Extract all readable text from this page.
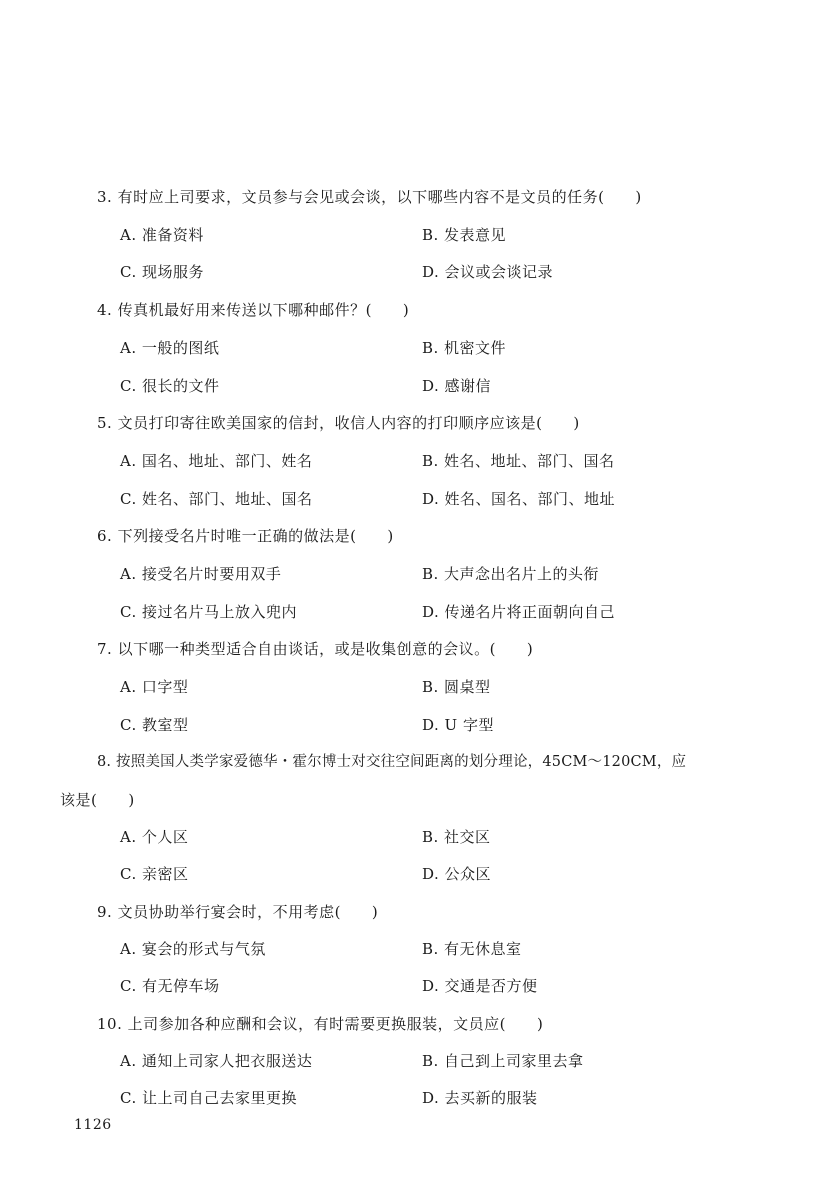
3. 有时应上司要求，文员参与会见或会谈，以下哪些内容不是文员的任务(　　)
A. 准备资料	B. 发表意见
C. 现场服务	D. 会议或会谈记录
4. 传真机最好用来传送以下哪种邮件？(　　)
A. 一般的图纸	B. 机密文件
C. 很长的文件	D. 感谢信
5. 文员打印寄往欧美国家的信封，收信人内容的打印顺序应该是(　　)
A. 国名、地址、部门、姓名	B. 姓名、地址、部门、国名
C. 姓名、部门、地址、国名	D. 姓名、国名、部门、地址
6. 下列接受名片时唯一正确的做法是(　　)
A. 接受名片时要用双手	B. 大声念出名片上的头衔
C. 接过名片马上放入兜内	D. 传递名片将正面朝向自己
7. 以下哪一种类型适合自由谈话，或是收集创意的会议。(　　)
A. 口字型	B. 圆桌型
C. 教室型	D. U 字型
8. 按照美国人类学家爱德华・霍尔博士对交往空间距离的划分理论，45CM～120CM，应
该是(　　)
A. 个人区	B. 社交区
C. 亲密区	D. 公众区
9. 文员协助举行宴会时，不用考虑(　　)
A. 宴会的形式与气氛	B. 有无休息室
C. 有无停车场	D. 交通是否方便
10. 上司参加各种应酬和会议，有时需要更换服装，文员应(　　)
A. 通知上司家人把衣服送达	B. 自己到上司家里去拿
C. 让上司自己去家里更换	D. 去买新的服装
1126
